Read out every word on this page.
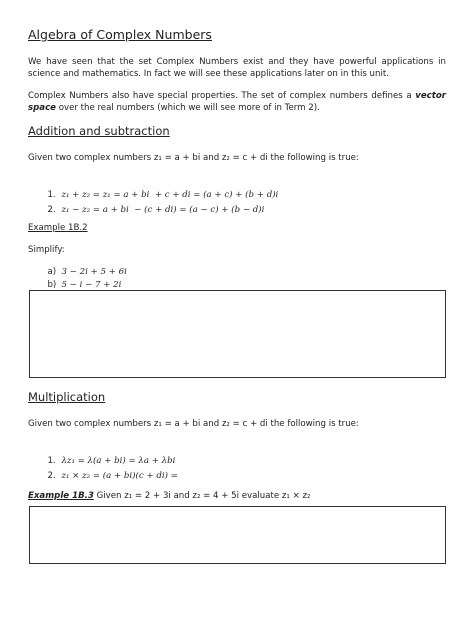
Algebra of Complex Numbers
We have seen that the set Complex Numbers exist and they have powerful applications in science and mathematics. In fact we will see these applications later on in this unit.
Complex Numbers also have special properties. The set of complex numbers defines a vector space over the real numbers (which we will see more of in Term 2).
Addition and subtraction
Given two complex numbers z₁ = a + bi and z₂ = c + di the following is true:

1. z₁ + z₂ = z₁ = a + bi  + c + di = (a + c) + (b + d)i

2. z₁ − z₂ = a + bi  − (c + di) = (a − c) + (b − d)i

Example 1B.2
Simplify:

a) 3 − 2i + 5 + 6i

b) 5 − i − 7 + 2i

Multiplication
Given two complex numbers z₁ = a + bi and z₂ = c + di the following is true:

1. λz₁ = λ(a + bi) = λa + λbi

2. z₁ × z₂ = (a + bi)(c + di) =

Example 1B.3 Given z₁ = 2 + 3i and z₂ = 4 + 5i evaluate z₁ × z₂
